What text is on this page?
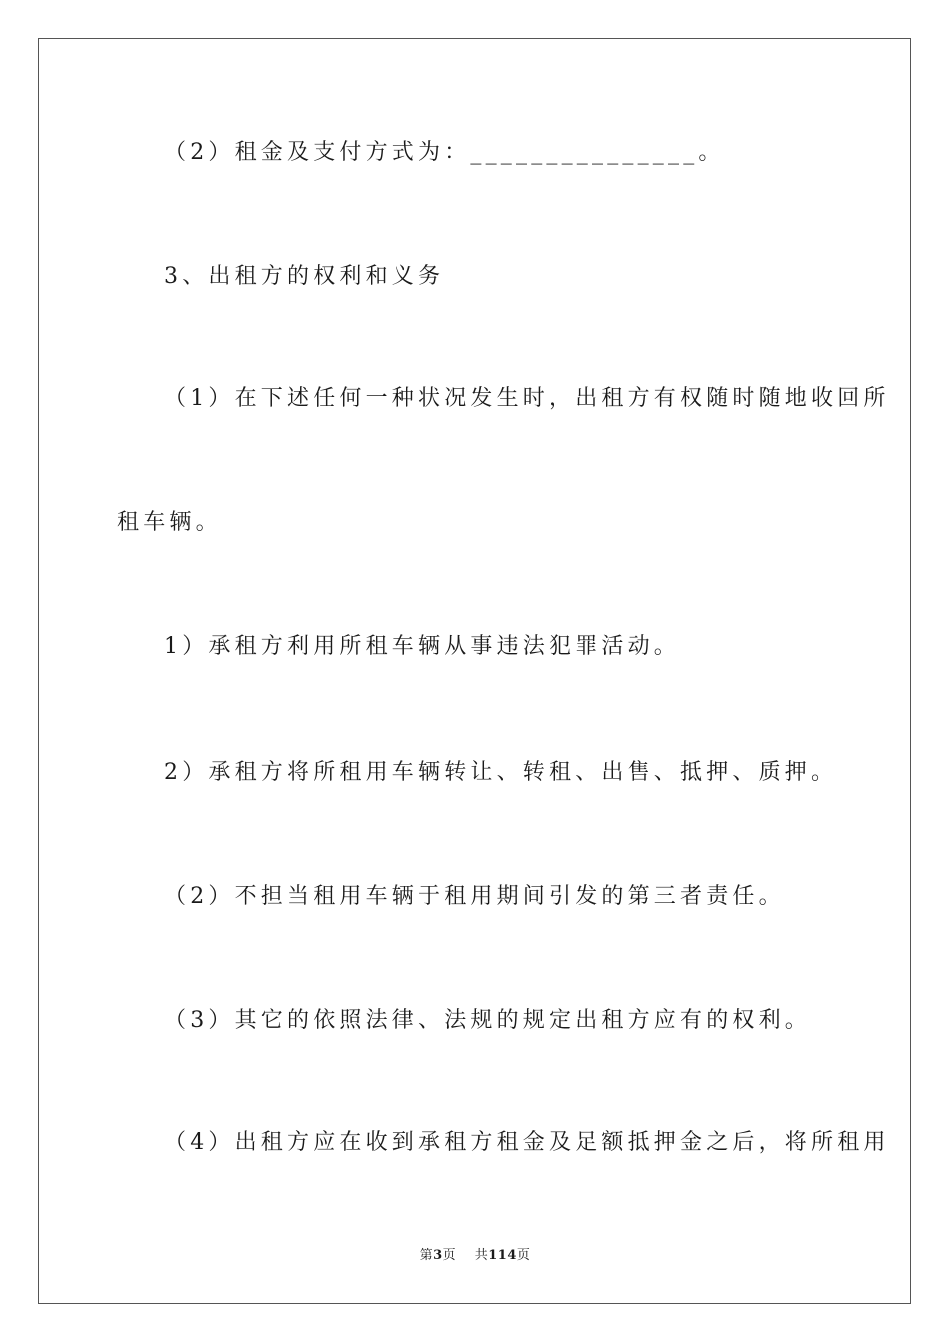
（2）租金及支付方式为：_______________。

3、出租方的权利和义务

（1）在下述任何一种状况发生时，出租方有权随时随地收回所

租车辆。

1）承租方利用所租车辆从事违法犯罪活动。

2）承租方将所租用车辆转让、转租、出售、抵押、质押。

（2）不担当租用车辆于租用期间引发的第三者责任。

（3）其它的依照法律、法规的规定出租方应有的权利。

（4）出租方应在收到承租方租金及足额抵押金之后，将所租用

第3页 共114页
